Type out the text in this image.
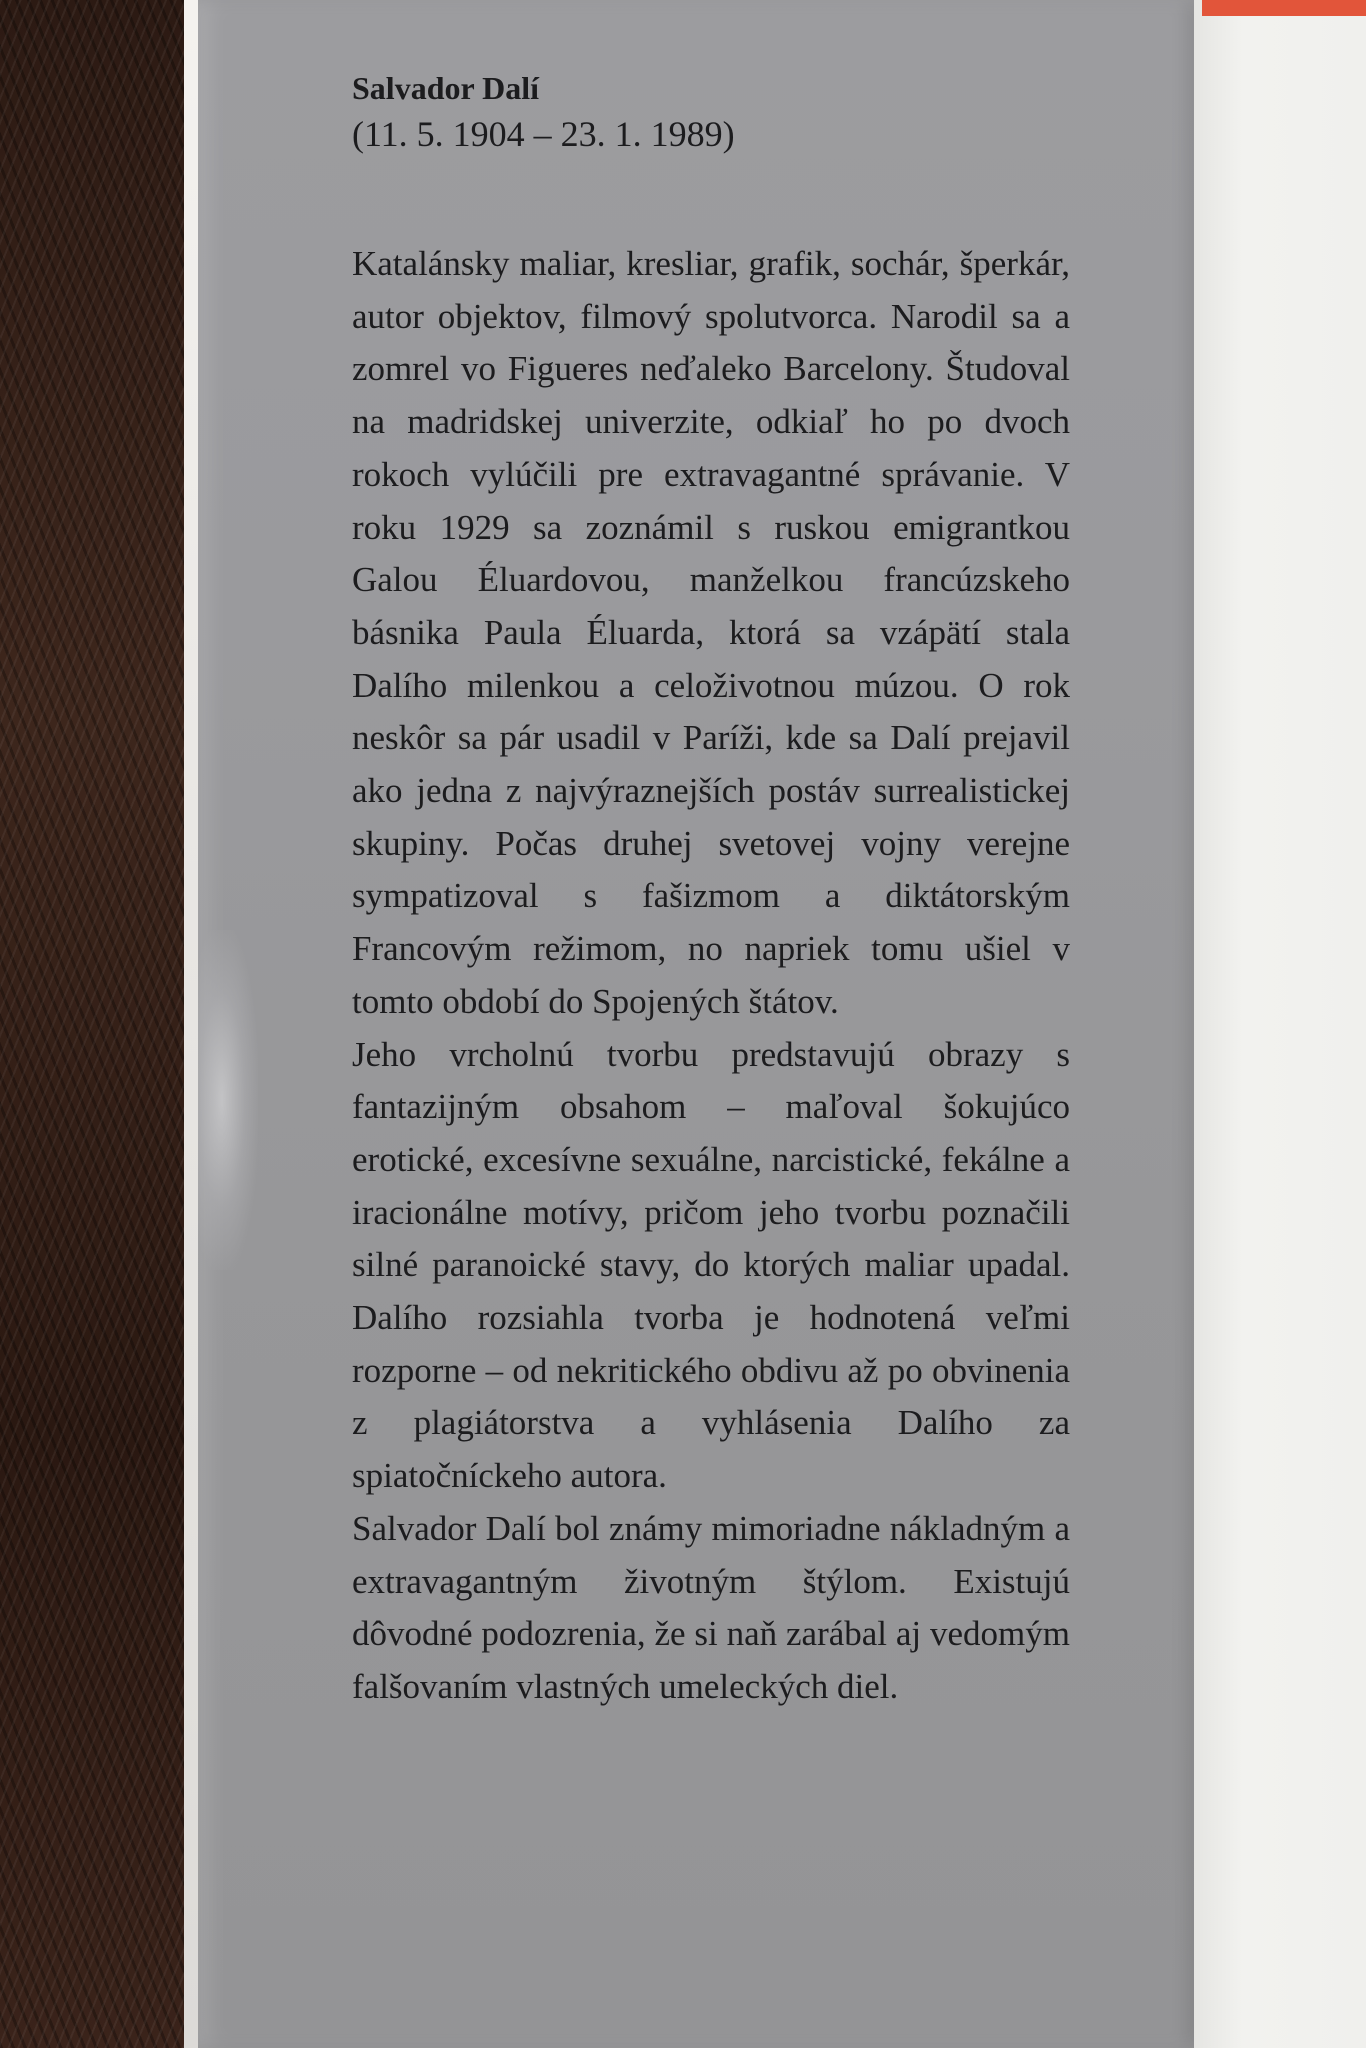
Salvador Dalí

(11. 5. 1904 – 23. 1. 1989)

Katalánsky maliar, kresliar, grafik, sochár, šperkár, autor objektov, filmový spolutvorca. Narodil sa a zomrel vo Figueres neďaleko Barcelony. Študoval na madridskej univerzite, odkiaľ ho po dvoch rokoch vylúčili pre extravagantné správanie. V roku 1929 sa zoznámil s ruskou emigrantkou Galou Éluardovou, manželkou francúzskeho básnika Paula Éluarda, ktorá sa vzápätí stala Dalího milenkou a celoživotnou múzou. O rok neskôr sa pár usadil v Paríži, kde sa Dalí prejavil ako jedna z najvýraznejších postáv surrealistickej skupiny. Počas druhej svetovej vojny verejne sympatizoval s fašizmom a diktátorským Francovým režimom, no napriek tomu ušiel v tomto období do Spojených štátov.

Jeho vrcholnú tvorbu predstavujú obrazy s fantazijným obsahom – maľoval šokujúco erotické, excesívne sexuálne, narcistické, fekálne a iracionálne motívy, pričom jeho tvorbu poznačili silné paranoické stavy, do ktorých maliar upadal. Dalího rozsiahla tvorba je hodnotená veľmi rozporne – od nekritického obdivu až po obvinenia z plagiátorstva a vyhlásenia Dalího za spiatočníckeho autora.

Salvador Dalí bol známy mimoriadne nákladným a extravagantným životným štýlom. Existujú dôvodné podozrenia, že si naň zarábal aj vedomým falšovaním vlastných umeleckých diel.
